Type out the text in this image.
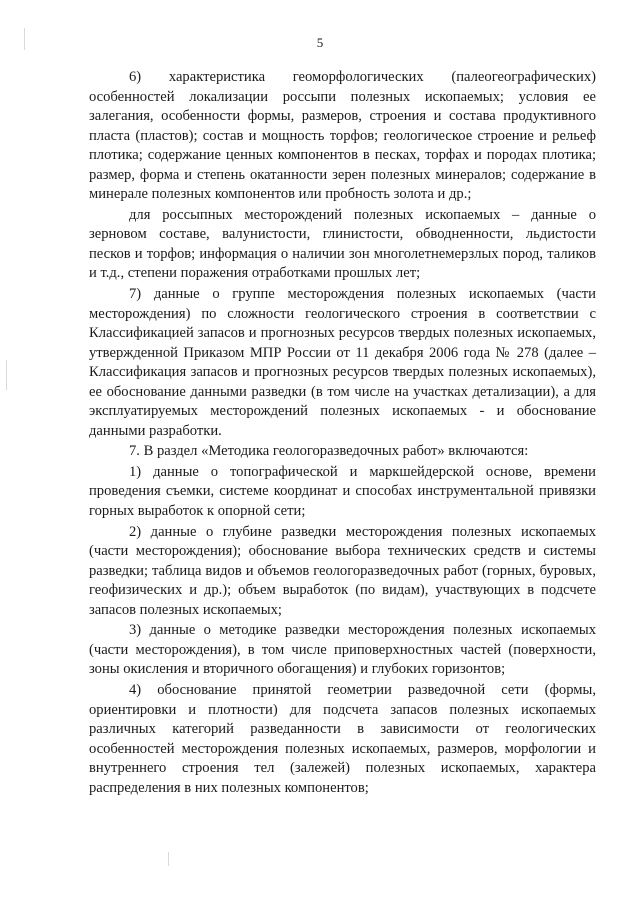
5

6)      характеристика      геоморфологических      (палеогеографических) особенностей локализации россыпи полезных ископаемых; условия ее залегания, особенности формы, размеров, строения и состава продуктивного пласта (пластов); состав и мощность торфов; геологическое строение и рельеф плотика; содержание ценных компонентов в песках, торфах и породах плотика; размер, форма и степень окатанности зерен полезных минералов; содержание в минерале полезных компонентов или пробность золота и др.;

для россыпных месторождений полезных ископаемых – данные о зерновом составе, валунистости, глинистости, обводненности, льдистости песков и торфов; информация о наличии зон многолетнемерзлых пород, таликов и т.д., степени поражения отработками прошлых лет;

7) данные о группе месторождения полезных ископаемых (части месторождения) по сложности геологического строения в соответствии с Классификацией запасов и прогнозных ресурсов твердых полезных ископаемых, утвержденной Приказом МПР России от 11 декабря 2006 года № 278 (далее – Классификация запасов и прогнозных ресурсов твердых полезных ископаемых), ее обоснование данными разведки (в том числе на участках детализации), а для эксплуатируемых месторождений полезных ископаемых - и обоснование данными разработки.

7. В раздел «Методика геологоразведочных работ» включаются:

1) данные о топографической и маркшейдерской основе, времени проведения съемки, системе координат и способах инструментальной привязки горных выработок к опорной сети;

2) данные о глубине разведки месторождения полезных ископаемых (части месторождения); обоснование выбора технических средств и системы разведки; таблица видов и объемов геологоразведочных работ (горных, буровых, геофизических и др.); объем выработок (по видам), участвующих в подсчете запасов полезных ископаемых;

3) данные о методике разведки месторождения полезных ископаемых (части месторождения), в том числе приповерхностных частей (поверхности, зоны окисления и вторичного обогащения) и глубоких горизонтов;

4) обоснование принятой геометрии разведочной сети (формы, ориентировки и плотности) для подсчета запасов полезных ископаемых различных категорий разведанности в зависимости от геологических особенностей месторождения полезных ископаемых, размеров, морфологии и внутреннего строения тел (залежей) полезных ископаемых, характера распределения в них полезных компонентов;
